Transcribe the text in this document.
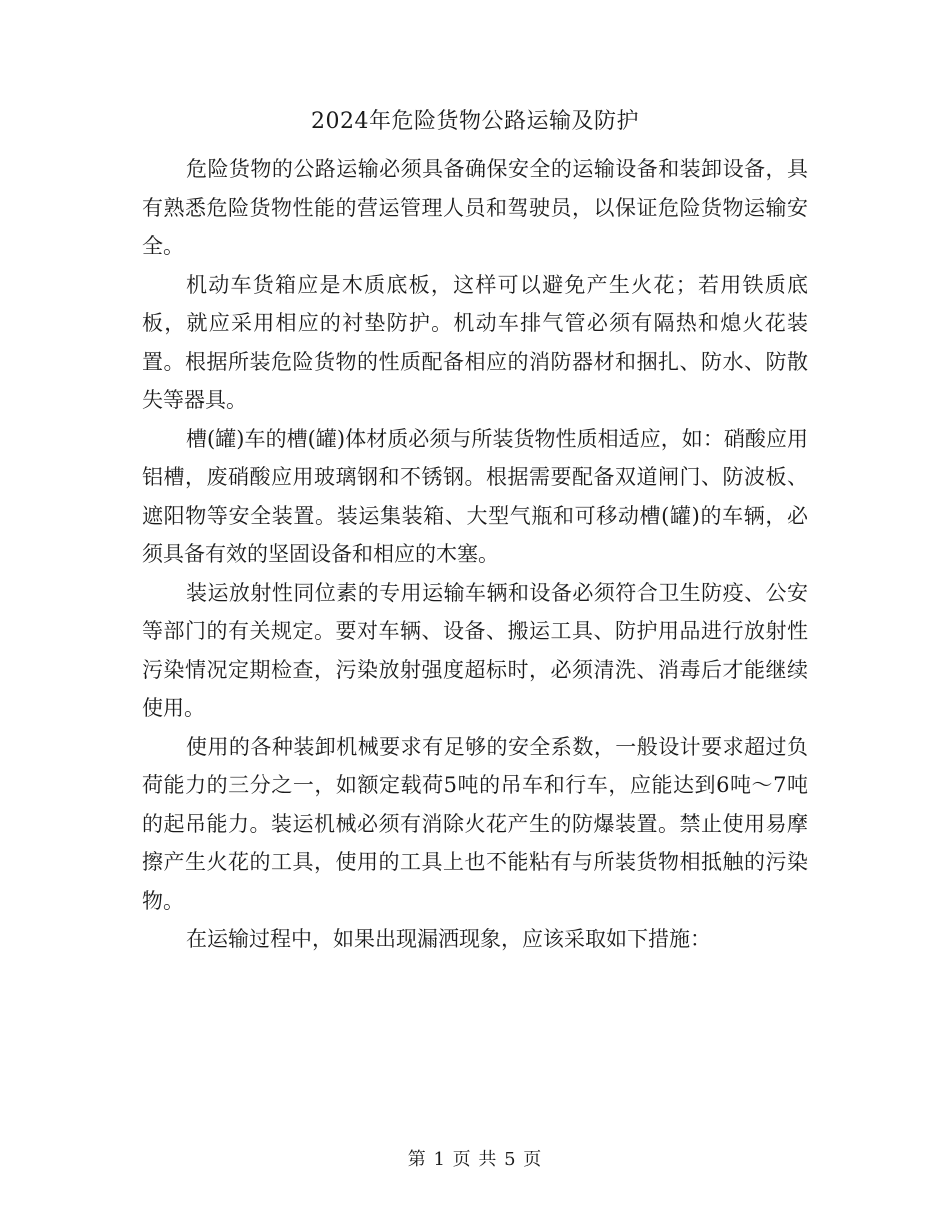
2024年危险货物公路运输及防护

危险货物的公路运输必须具备确保安全的运输设备和装卸设备，具有熟悉危险货物性能的营运管理人员和驾驶员，以保证危险货物运输安全。

机动车货箱应是木质底板，这样可以避免产生火花；若用铁质底板，就应采用相应的衬垫防护。机动车排气管必须有隔热和熄火花装置。根据所装危险货物的性质配备相应的消防器材和捆扎、防水、防散失等器具。

槽(罐)车的槽(罐)体材质必须与所装货物性质相适应，如：硝酸应用铝槽，废硝酸应用玻璃钢和不锈钢。根据需要配备双道闸门、防波板、遮阳物等安全装置。装运集装箱、大型气瓶和可移动槽(罐)的车辆，必须具备有效的坚固设备和相应的木塞。

装运放射性同位素的专用运输车辆和设备必须符合卫生防疫、公安等部门的有关规定。要对车辆、设备、搬运工具、防护用品进行放射性污染情况定期检查，污染放射强度超标时，必须清洗、消毒后才能继续使用。

使用的各种装卸机械要求有足够的安全系数，一般设计要求超过负荷能力的三分之一，如额定载荷5吨的吊车和行车，应能达到6吨～7吨的起吊能力。装运机械必须有消除火花产生的防爆装置。禁止使用易摩擦产生火花的工具，使用的工具上也不能粘有与所装货物相抵触的污染物。

在运输过程中，如果出现漏洒现象，应该采取如下措施：

第 1 页 共 5 页
